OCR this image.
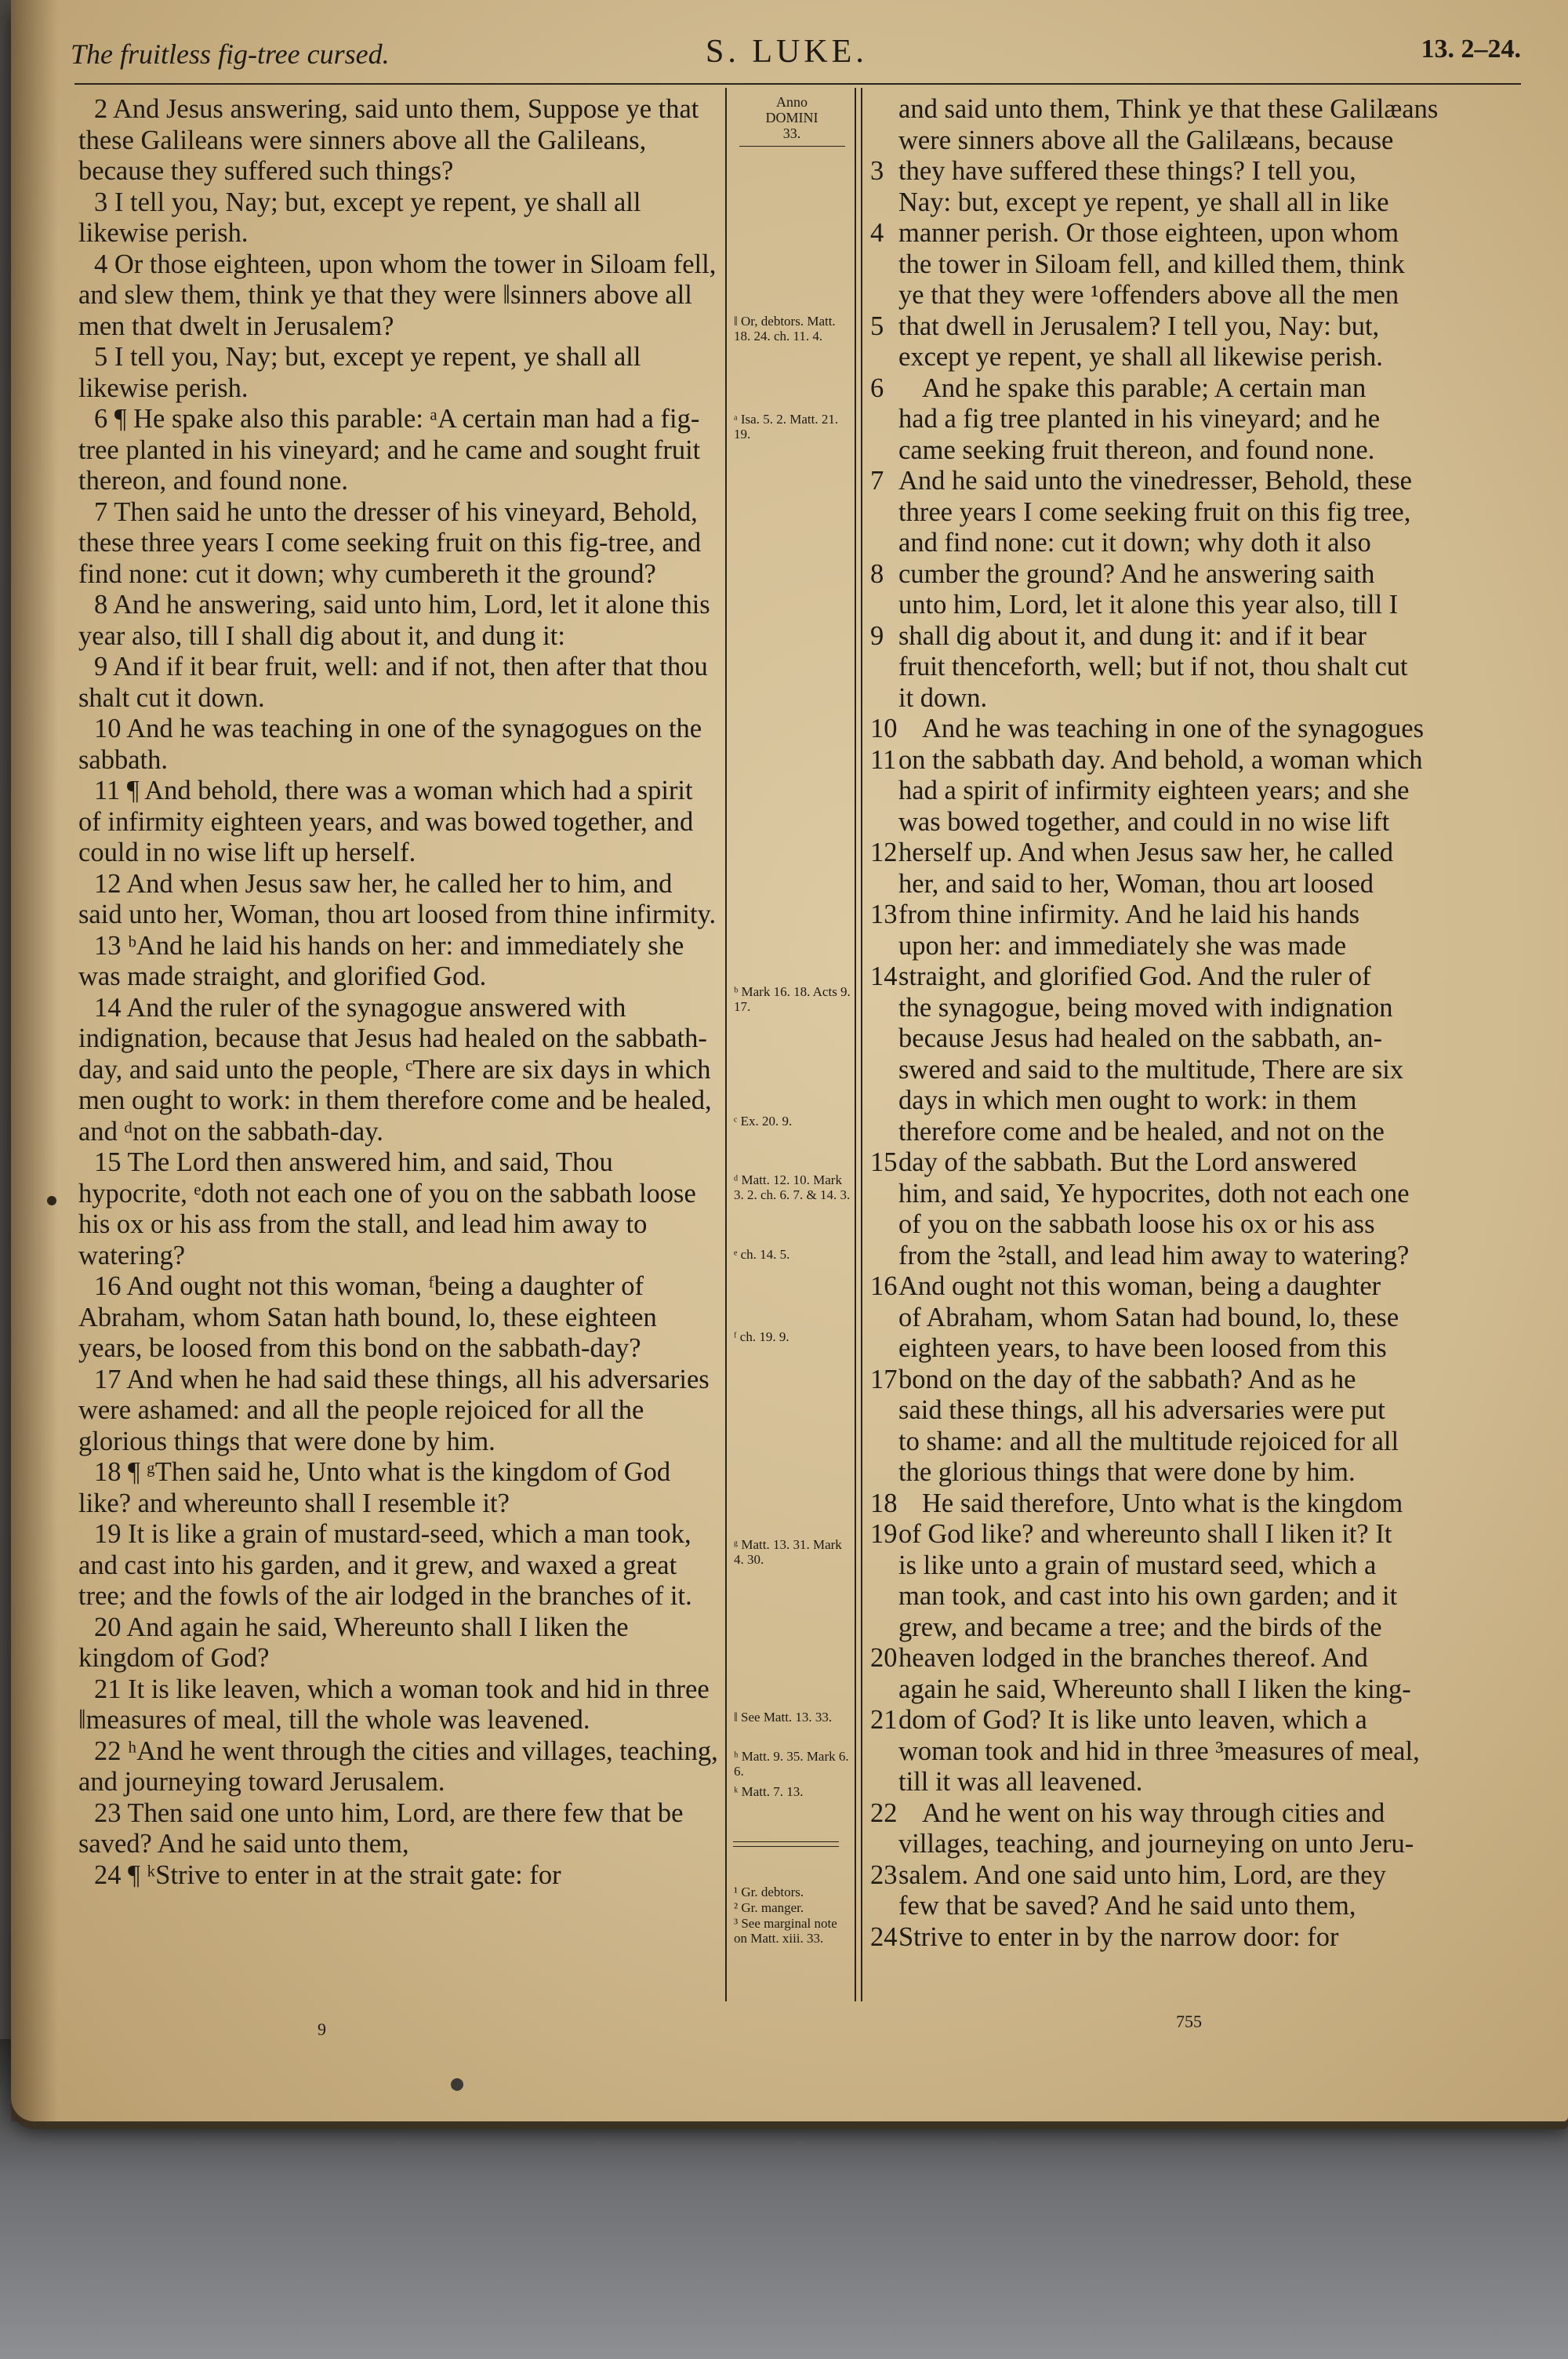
The fruitless fig-tree cursed.	S. LUKE.	13. 2–24.

2 And Jesus answering, said unto them, Suppose ye that these Galileans were sinners above all the Galileans, because they suffered such things?

3 I tell you, Nay; but, except ye repent, ye shall all likewise perish.

4 Or those eighteen, upon whom the tower in Siloam fell, and slew them, think ye that they were ‖sinners above all men that dwelt in Jerusalem?

5 I tell you, Nay; but, except ye repent, ye shall all likewise perish.

6 ¶ He spake also this parable: ᵃA certain man had a fig-tree planted in his vineyard; and he came and sought fruit thereon, and found none.

7 Then said he unto the dresser of his vineyard, Behold, these three years I come seeking fruit on this fig-tree, and find none: cut it down; why cumbereth it the ground?

8 And he answering, said unto him, Lord, let it alone this year also, till I shall dig about it, and dung it:

9 And if it bear fruit, well: and if not, then after that thou shalt cut it down.

10 And he was teaching in one of the synagogues on the sabbath.

11 ¶ And behold, there was a woman which had a spirit of infirmity eighteen years, and was bowed together, and could in no wise lift up herself.

12 And when Jesus saw her, he called her to him, and said unto her, Woman, thou art loosed from thine infirmity.

13 ᵇAnd he laid his hands on her: and immediately she was made straight, and glorified God.

14 And the ruler of the synagogue answered with indignation, because that Jesus had healed on the sabbath-day, and said unto the people, ᶜThere are six days in which men ought to work: in them therefore come and be healed, and ᵈnot on the sabbath-day.

15 The Lord then answered him, and said, Thou hypocrite, ᵉdoth not each one of you on the sabbath loose his ox or his ass from the stall, and lead him away to watering?

16 And ought not this woman, ᶠbeing a daughter of Abraham, whom Satan hath bound, lo, these eighteen years, be loosed from this bond on the sabbath-day?

17 And when he had said these things, all his adversaries were ashamed: and all the people rejoiced for all the glorious things that were done by him.

18 ¶ ᵍThen said he, Unto what is the kingdom of God like? and whereunto shall I resemble it?

19 It is like a grain of mustard-seed, which a man took, and cast into his garden, and it grew, and waxed a great tree; and the fowls of the air lodged in the branches of it.

20 And again he said, Whereunto shall I liken the kingdom of God?

21 It is like leaven, which a woman took and hid in three ‖measures of meal, till the whole was leavened.

22 ʰAnd he went through the cities and villages, teaching, and journeying toward Jerusalem.

23 Then said one unto him, Lord, are there few that be saved? And he said unto them,

24 ¶ ᵏStrive to enter in at the strait gate: for

Anno
DOMINI
33.
‖ Or, debtors. Matt. 18. 24. ch. 11. 4.
ᵃ Isa. 5. 2. Matt. 21. 19.
ᵇ Mark 16. 18. Acts 9. 17.
ᶜ Ex. 20. 9.
ᵈ Matt. 12. 10. Mark 3. 2. ch. 6. 7. & 14. 3.
ᵉ ch. 14. 5.
ᶠ ch. 19. 9.
ᵍ Matt. 13. 31. Mark 4. 30.
‖ See Matt. 13. 33.
ʰ Matt. 9. 35. Mark 6. 6.
ᵏ Matt. 7. 13.
¹ Gr. debtors.
² Gr. manger.
³ See marginal note on Matt. xiii. 33.
and said unto them, Think ye that these Galilæans
were sinners above all the Galilæans, because
3 they have suffered these things? I tell you,
Nay: but, except ye repent, ye shall all in like
4 manner perish. Or those eighteen, upon whom
the tower in Siloam fell, and killed them, think
ye that they were ¹offenders above all the men
5 that dwell in Jerusalem? I tell you, Nay: but,
except ye repent, ye shall all likewise perish.
6 And he spake this parable; A certain man
had a fig tree planted in his vineyard; and he
came seeking fruit thereon, and found none.
7 And he said unto the vinedresser, Behold, these
three years I come seeking fruit on this fig tree,
and find none: cut it down; why doth it also
8 cumber the ground? And he answering saith
unto him, Lord, let it alone this year also, till I
9 shall dig about it, and dung it: and if it bear
fruit thenceforth, well; but if not, thou shalt cut
it down.
10 And he was teaching in one of the synagogues
11on the sabbath day. And behold, a woman which
had a spirit of infirmity eighteen years; and she
was bowed together, and could in no wise lift
12herself up. And when Jesus saw her, he called
her, and said to her, Woman, thou art loosed
13from thine infirmity. And he laid his hands
upon her: and immediately she was made
14straight, and glorified God. And the ruler of
the synagogue, being moved with indignation
because Jesus had healed on the sabbath, an-
swered and said to the multitude, There are six
days in which men ought to work: in them
therefore come and be healed, and not on the
15day of the sabbath. But the Lord answered
him, and said, Ye hypocrites, doth not each one
of you on the sabbath loose his ox or his ass
from the ²stall, and lead him away to watering?
16And ought not this woman, being a daughter
of Abraham, whom Satan had bound, lo, these
eighteen years, to have been loosed from this
17bond on the day of the sabbath? And as he
said these things, all his adversaries were put
to shame: and all the multitude rejoiced for all
the glorious things that were done by him.
18 He said therefore, Unto what is the kingdom
19of God like? and whereunto shall I liken it? It
is like unto a grain of mustard seed, which a
man took, and cast into his own garden; and it
grew, and became a tree; and the birds of the
20heaven lodged in the branches thereof. And
again he said, Whereunto shall I liken the king-
21dom of God? It is like unto leaven, which a
woman took and hid in three ³measures of meal,
till it was all leavened.
22 And he went on his way through cities and
villages, teaching, and journeying on unto Jeru-
23salem. And one said unto him, Lord, are they
few that be saved? And he said unto them,
24Strive to enter in by the narrow door: for
9	755
